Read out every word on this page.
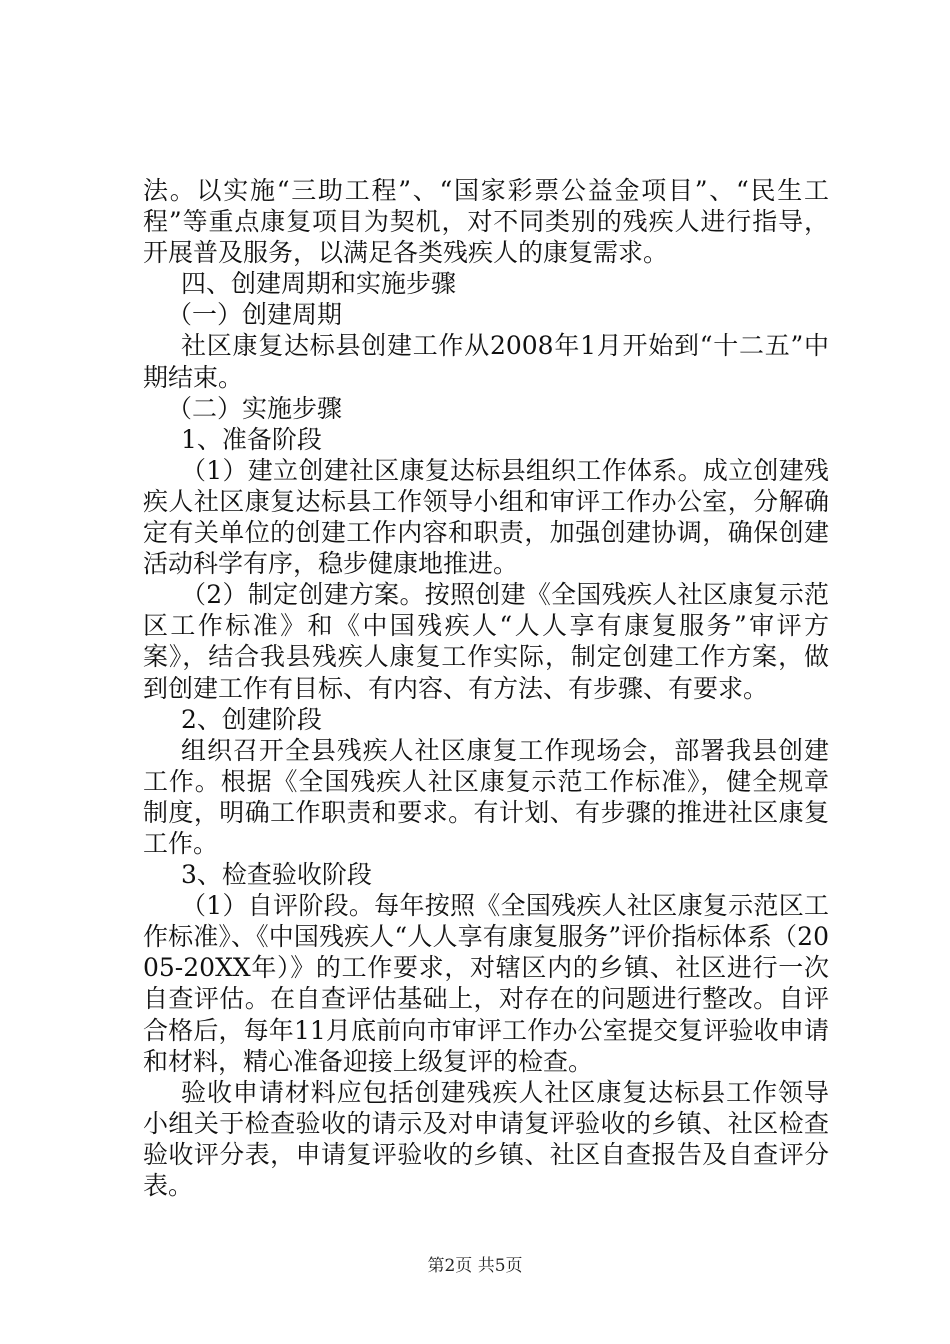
法。以实施“三助工程”、“国家彩票公益金项目”、“民生工程”等重点康复项目为契机，对不同类别的残疾人进行指导，开展普及服务，以满足各类残疾人的康复需求。

四、创建周期和实施步骤

（一）创建周期

社区康复达标县创建工作从2008年1月开始到“十二五”中期结束。

（二）实施步骤

1、准备阶段

（1）建立创建社区康复达标县组织工作体系。成立创建残疾人社区康复达标县工作领导小组和审评工作办公室，分解确定有关单位的创建工作内容和职责，加强创建协调，确保创建活动科学有序，稳步健康地推进。

（2）制定创建方案。按照创建《全国残疾人社区康复示范区工作标准》和《中国残疾人“人人享有康复服务”审评方案》，结合我县残疾人康复工作实际，制定创建工作方案，做到创建工作有目标、有内容、有方法、有步骤、有要求。

2、创建阶段

组织召开全县残疾人社区康复工作现场会，部署我县创建工作。根据《全国残疾人社区康复示范工作标准》，健全规章制度，明确工作职责和要求。有计划、有步骤的推进社区康复工作。

3、检查验收阶段

（1）自评阶段。每年按照《全国残疾人社区康复示范区工作标准》、《中国残疾人“人人享有康复服务”评价指标体系（2005-20XX年）》的工作要求，对辖区内的乡镇、社区进行一次自查评估。在自查评估基础上，对存在的问题进行整改。自评合格后，每年11月底前向市审评工作办公室提交复评验收申请和材料，精心准备迎接上级复评的检查。

验收申请材料应包括创建残疾人社区康复达标县工作领导小组关于检查验收的请示及对申请复评验收的乡镇、社区检查验收评分表，申请复评验收的乡镇、社区自查报告及自查评分表。

第2页 共5页
